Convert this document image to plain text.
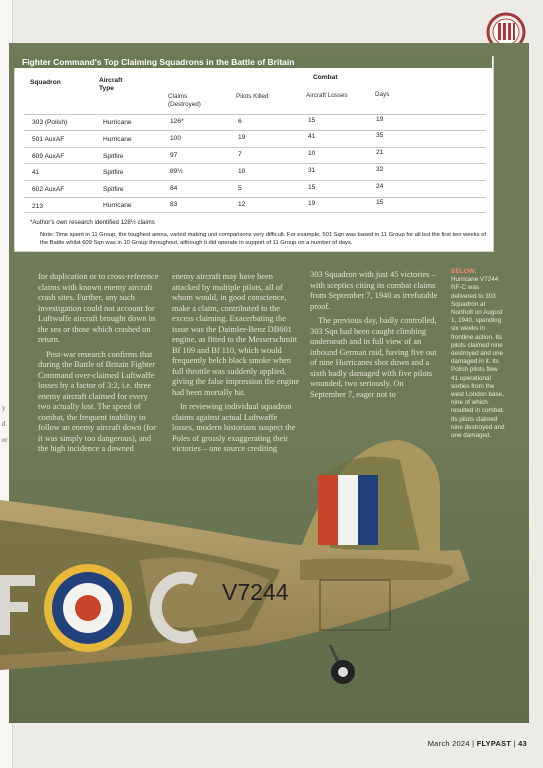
y
d
er
Fighter Command's Top Claiming Squadrons in the Battle of Britain
Squadron	Aircraft Type
Combat
Claims (Destroyed)
Pilots Killed	Aircraft Losses	Days
303 (Polish)	Hurricane	126*	6	15	19
501 AuxAF	Hurricane	100	19	41	35
609 AuxAF	Spitfire	97	7	10	21
41	Spitfire	89½	10	31	32
602 AuxAF	Spitfire	84	5	15	24
213	Hurricane	83	12	19	15
*Author's own research identified 128½ claims
Note: Time spent in 11 Group, the toughest arena, varied making unit comparisons very difficult. For example, 501 Sqn was based in 11 Group for all but the first two weeks of the Battle whilst 609 Sqn was in 10 Group throughout, although it did operate in support of 11 Group on a number of days.

for duplication or to cross-reference claims with known enemy aircraft crash sites. Further, any such investigation could not account for Luftwaffe aircraft brought down in the sea or those which crashed on return.

Post-war research confirms that during the Battle of Britain Fighter Command over-claimed Luftwaffe losses by a factor of 3:2, i.e. three enemy aircraft claimed for every two actually lost. The speed of combat, the frequent inability to follow an enemy aircraft down (for it was simply too dangerous), and the high incidence a downed

enemy aircraft may have been attacked by multiple pilots, all of whom would, in good conscience, make a claim, contributed to the excess claiming. Exacerbating the issue was the Daimler-Benz DB601 engine, as fitted to the Messerschmitt Bf 109 and Bf 110, which would frequently belch black smoke when full throttle was suddenly applied, giving the false impression the engine had been mortally hit.

In reviewing individual squadron claims against actual Luftwaffe losses, modern historians suspect the Poles of grossly exaggerating their victories – one source crediting

303 Squadron with just 45 victories – with sceptics citing its combat claims from September 7, 1940 as irrefutable proof.

The previous day, badly controlled, 303 Sqn had been caught climbing underneath and in full view of an inbound German raid, having five out of nine Hurricanes shot down and a sixth badly damaged with five pilots wounded, two seriously. On September 7, eager not to

BELOW:
Hurricane V7244 RF-C was delivered to 303 Squadron at Northolt on August 1, 1940, spending six weeks in frontline action. Its pilots claimed nine destroyed and one damaged in it. Its Polish pilots flew 41 operational sorties from the west London base, nine of which resulted in combat. Its pilots claimed nine destroyed and one damaged.
V7244
March 2024 | FLYPAST | 43
